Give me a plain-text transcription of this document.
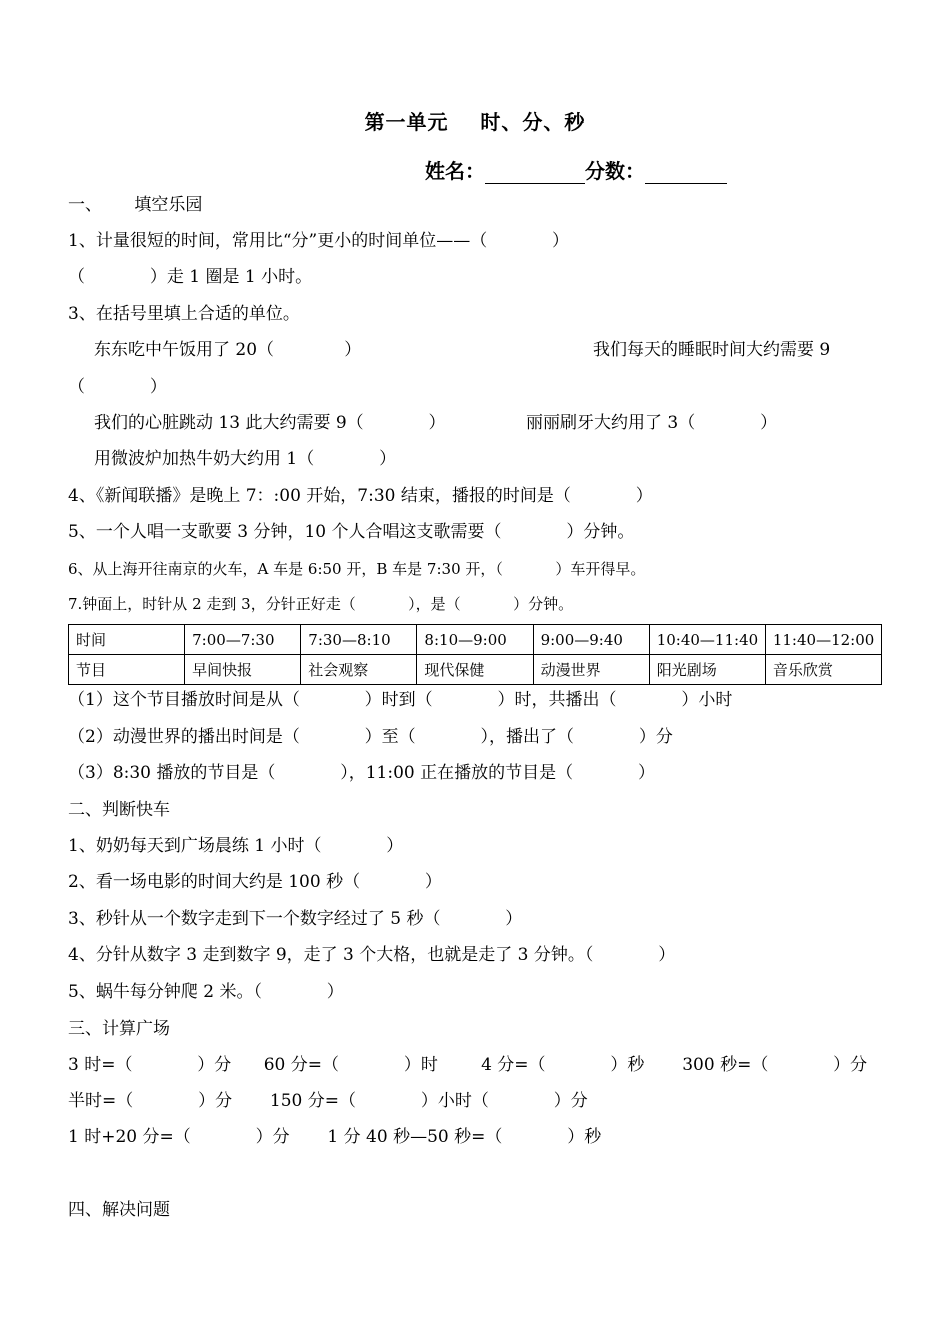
第一单元    时、分、秒
姓名：	分数：
一、      填空乐园
1、计量很短的时间，常用比“分”更小的时间单位——（            ）
（            ）走 1 圈是 1 小时。
3、在括号里填上合适的单位。
东东吃中午饭用了 20（             ）	我们每天的睡眠时间大约需要 9
（            ）
我们的心脏跳动 13 此大约需要 9（            ）	丽丽刷牙大约用了 3（            ）
用微波炉加热牛奶大约用 1（            ）
4、《新闻联播》是晚上 7：:00 开始，7:30 结束，播报的时间是（            ）
5、一个人唱一支歌要 3 分钟，10 个人合唱这支歌需要（            ）分钟。
6、从上海开往南京的火车，A 车是 6:50 开，B 车是 7:30 开，（           ）车开得早。
7.钟面上，时针从 2 走到 3，分针正好走（           ），是（           ）分钟。
时间	7:00—7:30	7:30—8:10	8:10—9:00	9:00—9:40	10:40—11:40	11:40—12:00
节目	早间快报	社会观察	现代保健	动漫世界	阳光剧场	音乐欣赏
（1）这个节目播放时间是从（            ）时到（            ）时，共播出（            ）小时
（2）动漫世界的播出时间是（            ）至（            ），播出了（            ）分
（3）8:30 播放的节目是（            ），11:00 正在播放的节目是（            ）
二、判断快车
1、奶奶每天到广场晨练 1 小时（            ）
2、看一场电影的时间大约是 100 秒（            ）
3、秒针从一个数字走到下一个数字经过了 5 秒（            ）
4、分针从数字 3 走到数字 9，走了 3 个大格，也就是走了 3 分钟。（            ）
5、蜗牛每分钟爬 2 米。（            ）
三、计算广场
3 时=（            ）分      60 分=（            ）时        4 分=（            ）秒       300 秒=（            ）分
半时=（            ）分       150 分=（            ）小时（            ）分
1 时+20 分=（            ）分       1 分 40 秒—50 秒=（            ）秒
四、解决问题
